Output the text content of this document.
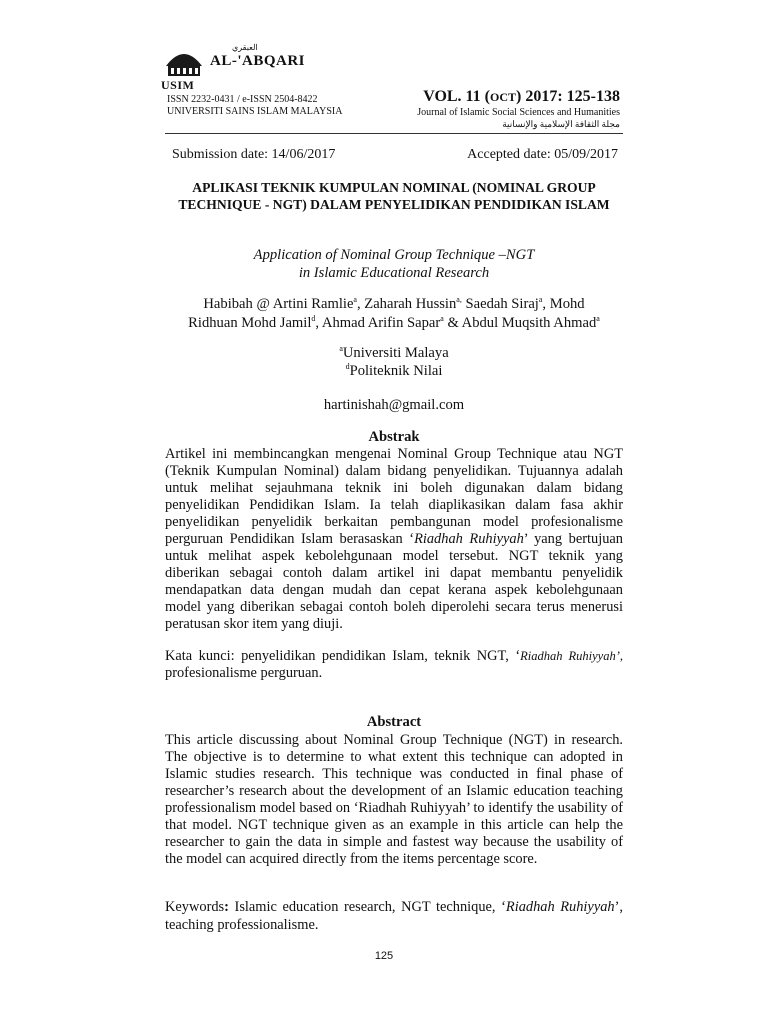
العبقري
AL-'ABQARI
USIM
ISSN 2232-0431 / e-ISSN 2504-8422
UNIVERSITI SAINS ISLAM MALAYSIA
VOL. 11 (OCT) 2017: 125-138
Journal of Islamic Social Sciences and Humanities
مجلة الثقافة الإسلامية والإنسانية
Submission date: 14/06/2017	Accepted date: 05/09/2017
APLIKASI TEKNIK KUMPULAN NOMINAL (NOMINAL GROUP TECHNIQUE - NGT) DALAM PENYELIDIKAN PENDIDIKAN ISLAM
Application of Nominal Group Technique –NGT
in Islamic Educational Research
Habibah @ Artini Ramlie$^a$, Zaharah Hussin$^{a,}$ Saedah Siraj$^a$, Mohd
Ridhuan Mohd Jamil$^d$, Ahmad Arifin Sapar$^a$ & Abdul Muqsith Ahmad$^a$
$^a$Universiti Malaya
$^d$Politeknik Nilai
hartinishah@gmail.com
Abstrak
Artikel ini membincangkan mengenai Nominal Group Technique atau NGT (Teknik Kumpulan Nominal) dalam bidang penyelidikan. Tujuannya adalah untuk melihat sejauhmana teknik ini boleh digunakan dalam bidang penyelidikan Pendidikan Islam. Ia telah diaplikasikan dalam fasa akhir penyelidikan penyelidik berkaitan pembangunan model profesionalisme perguruan Pendidikan Islam berasaskan ‘Riadhah Ruhiyyah’ yang bertujuan untuk melihat aspek kebolehgunaan model tersebut. NGT teknik yang diberikan sebagai contoh dalam artikel ini dapat membantu penyelidik mendapatkan data dengan mudah dan cepat kerana aspek kebolehgunaan model yang diberikan sebagai contoh boleh diperolehi secara terus menerusi peratusan skor item yang diuji.
Kata kunci: penyelidikan pendidikan Islam, teknik NGT, ‘Riadhah Ruhiyyah’, profesionalisme perguruan.
Abstract
This article discussing about Nominal Group Technique (NGT) in research. The objective is to determine to what extent this technique can adopted in Islamic studies research. This technique was conducted in final phase of researcher’s research about the development of an Islamic education teaching professionalism model based on ‘Riadhah Ruhiyyah’ to identify the usability of that model. NGT technique given as an example in this article can help the researcher to gain the data in simple and fastest way because the usability of the model can acquired directly from the items percentage score.
Keywords: Islamic education research, NGT technique, ‘Riadhah Ruhiyyah’, teaching professionalisme.
125
